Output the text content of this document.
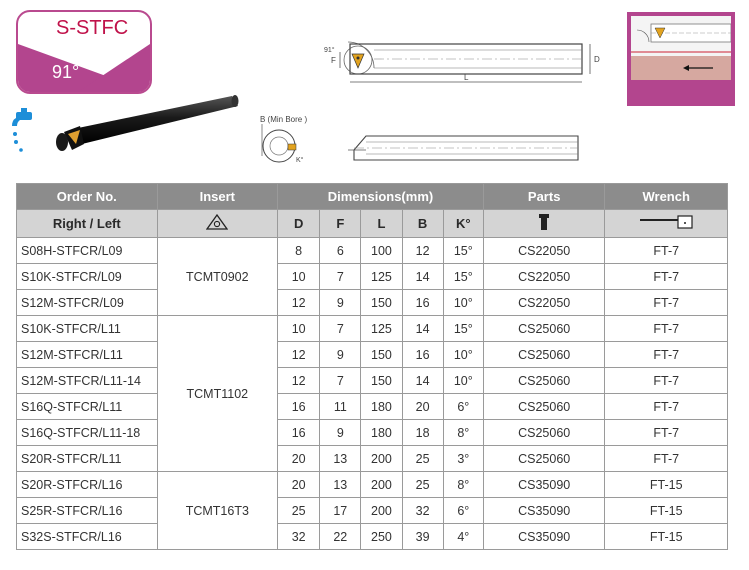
S-STFC
91°
91°
F
L
D
B (Min Bore )
K°
Order No.	Insert	Dimensions(mm)					Parts	Wrench
Right / Left		D	F	L	B	K°		
S08H-STFCR/L09	TCMT0902	8	6	100	12	15°	CS22050	FT-7
S10K-STFCR/L09		10	7	125	14	15°	CS22050	FT-7
S12M-STFCR/L09		12	9	150	16	10°	CS22050	FT-7
S10K-STFCR/L11	TCMT1102	10	7	125	14	15°	CS25060	FT-7
S12M-STFCR/L11		12	9	150	16	10°	CS25060	FT-7
S12M-STFCR/L11-14		12	7	150	14	10°	CS25060	FT-7
S16Q-STFCR/L11		16	11	180	20	6°	CS25060	FT-7
S16Q-STFCR/L11-18		16	9	180	18	8°	CS25060	FT-7
S20R-STFCR/L11		20	13	200	25	3°	CS25060	FT-7
S20R-STFCR/L16	TCMT16T3	20	13	200	25	8°	CS35090	FT-15
S25R-STFCR/L16		25	17	200	32	6°	CS35090	FT-15
S32S-STFCR/L16		32	22	250	39	4°	CS35090	FT-15
